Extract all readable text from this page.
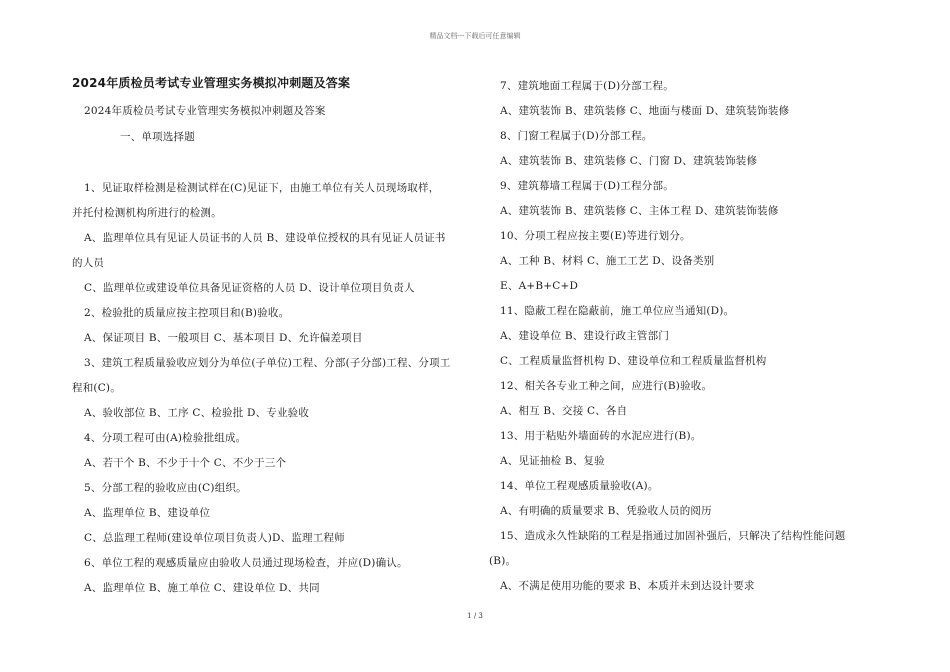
精品文档---下载后可任意编辑
2024年质检员考试专业管理实务模拟冲刺题及答案
2024年质检员考试专业管理实务模拟冲刺题及答案
一、单项选择题
1、见证取样检测是检测试样在(C)见证下，由施工单位有关人员现场取样，
并托付检测机构所进行的检测。
A、监理单位具有见证人员证书的人员 B、建设单位授权的具有见证人员证书
的人员
C、监理单位或建设单位具备见证资格的人员 D、设计单位项目负责人
2、检验批的质量应按主控项目和(B)验收。
A、保证项目 B、一般项目 C、基本项目 D、允许偏差项目
3、建筑工程质量验收应划分为单位(子单位)工程、分部(子分部)工程、分项工
程和(C)。
A、验收部位 B、工序 C、检验批 D、专业验收
4、分项工程可由(A)检验批组成。
A、若干个 B、不少于十个 C、不少于三个
5、分部工程的验收应由(C)组织。
A、监理单位 B、建设单位
C、总监理工程师(建设单位项目负责人)D、监理工程师
6、单位工程的观感质量应由验收人员通过现场检查，并应(D)确认。
A、监理单位 B、施工单位 C、建设单位 D、共同
7、建筑地面工程属于(D)分部工程。
A、建筑装饰 B、建筑装修 C、地面与楼面 D、建筑装饰装修
8、门窗工程属于(D)分部工程。
A、建筑装饰 B、建筑装修 C、门窗 D、建筑装饰装修
9、建筑幕墙工程属于(D)工程分部。
A、建筑装饰 B、建筑装修 C、主体工程 D、建筑装饰装修
10、分项工程应按主要(E)等进行划分。
A、工种 B、材料 C、施工工艺 D、设备类别
E、A+B+C+D
11、隐蔽工程在隐蔽前，施工单位应当通知(D)。
A、建设单位 B、建设行政主管部门
C、工程质量监督机构 D、建设单位和工程质量监督机构
12、相关各专业工种之间，应进行(B)验收。
A、相互 B、交接 C、各自
13、用于粘贴外墙面砖的水泥应进行(B)。
A、见证抽检 B、复验
14、单位工程观感质量验收(A)。
A、有明确的质量要求 B、凭验收人员的阅历
15、造成永久性缺陷的工程是指通过加固补强后，只解决了结构性能问题
(B)。
A、不满足使用功能的要求 B、本质并未到达设计要求
1 / 3
